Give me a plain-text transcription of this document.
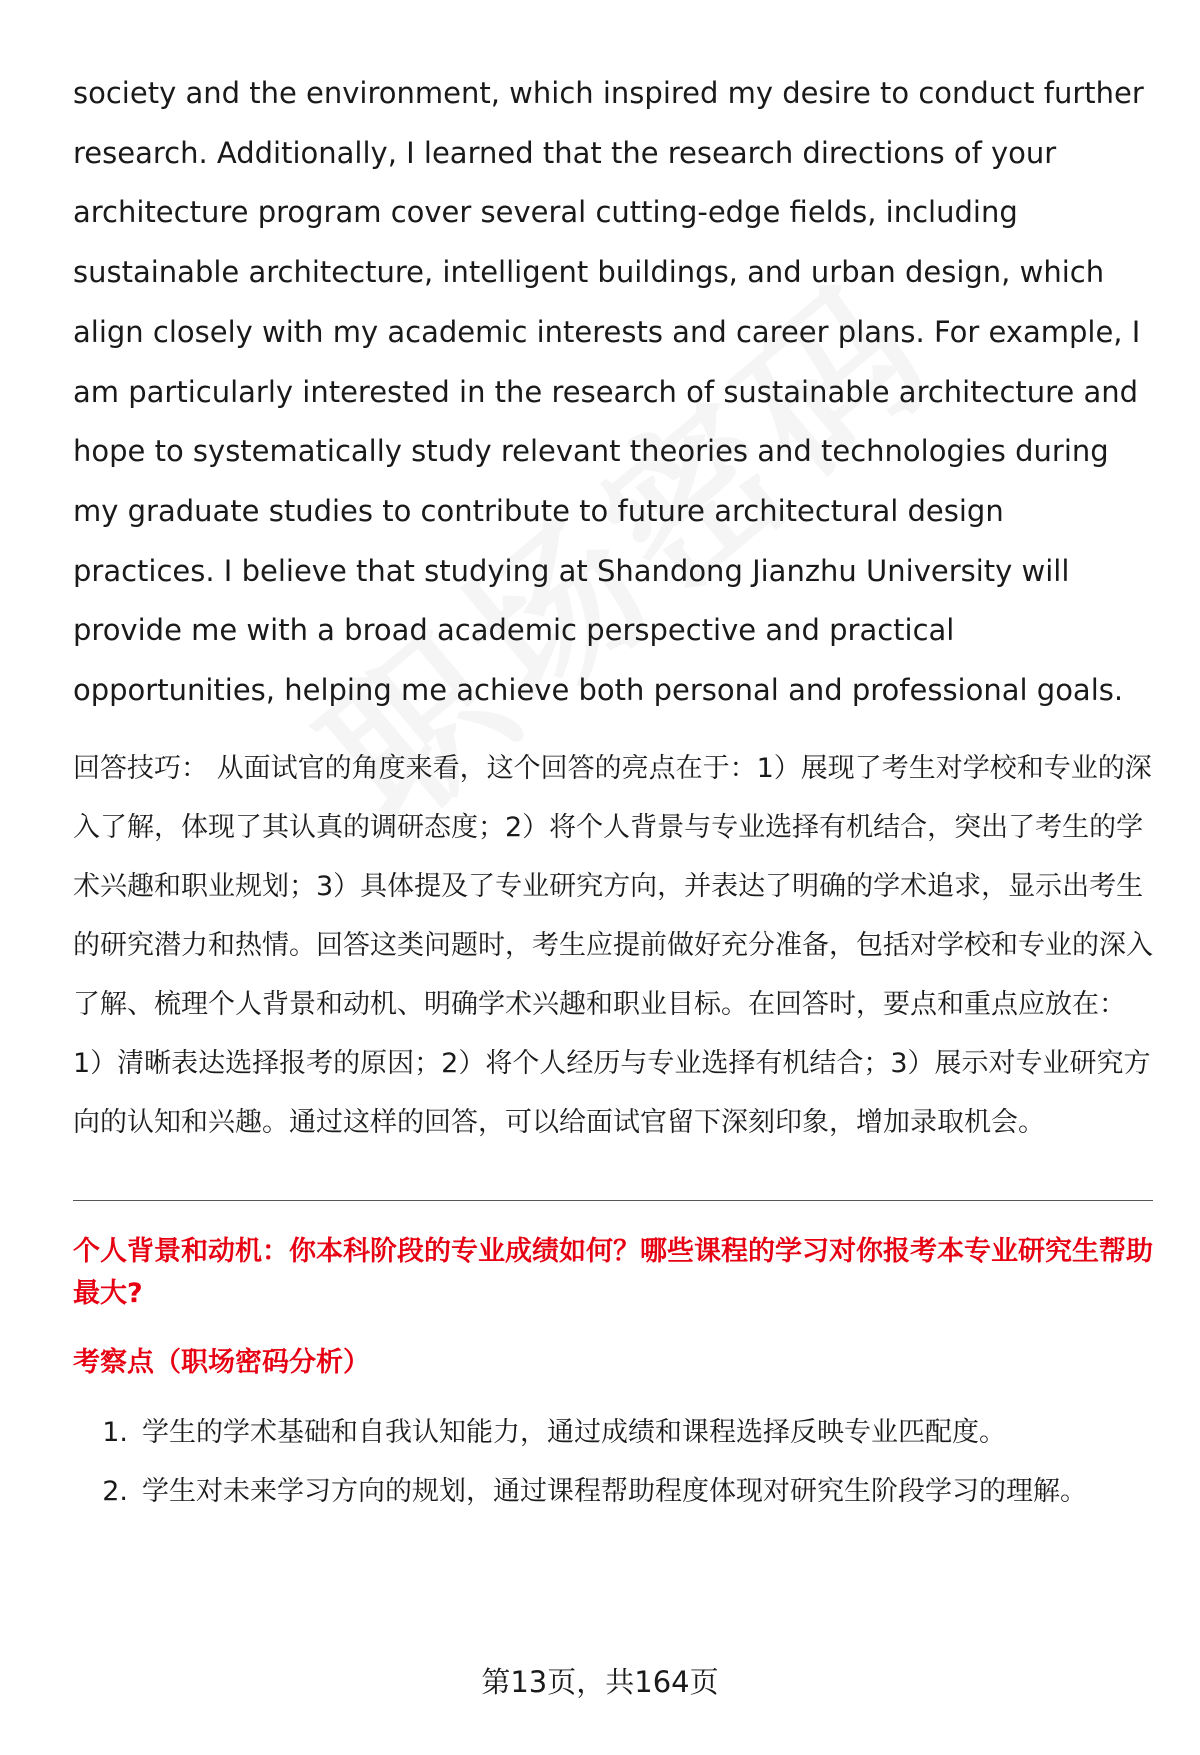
society and the environment, which inspired my desire to conduct further research. Additionally, I learned that the research directions of your architecture program cover several cutting-edge fields, including sustainable architecture, intelligent buildings, and urban design, which align closely with my academic interests and career plans. For example, I am particularly interested in the research of sustainable architecture and hope to systematically study relevant theories and technologies during my graduate studies to contribute to future architectural design practices. I believe that studying at Shandong Jianzhu University will provide me with a broad academic perspective and practical opportunities, helping me achieve both personal and professional goals.

回答技巧： 从面试官的角度来看，这个回答的亮点在于：1）展现了考生对学校和专业的深入了解，体现了其认真的调研态度；2）将个人背景与专业选择有机结合，突出了考生的学术兴趣和职业规划；3）具体提及了专业研究方向，并表达了明确的学术追求，显示出考生的研究潜力和热情。回答这类问题时，考生应提前做好充分准备，包括对学校和专业的深入了解、梳理个人背景和动机、明确学术兴趣和职业目标。在回答时，要点和重点应放在：1）清晰表达选择报考的原因；2）将个人经历与专业选择有机结合；3）展示对专业研究方向的认知和兴趣。通过这样的回答，可以给面试官留下深刻印象，增加录取机会。

个人背景和动机：你本科阶段的专业成绩如何？哪些课程的学习对你报考本专业研究生帮助最大?
考察点（职场密码分析）
1. 学生的学术基础和自我认知能力，通过成绩和课程选择反映专业匹配度。
2. 学生对未来学习方向的规划，通过课程帮助程度体现对研究生阶段学习的理解。
第13页，共164页
